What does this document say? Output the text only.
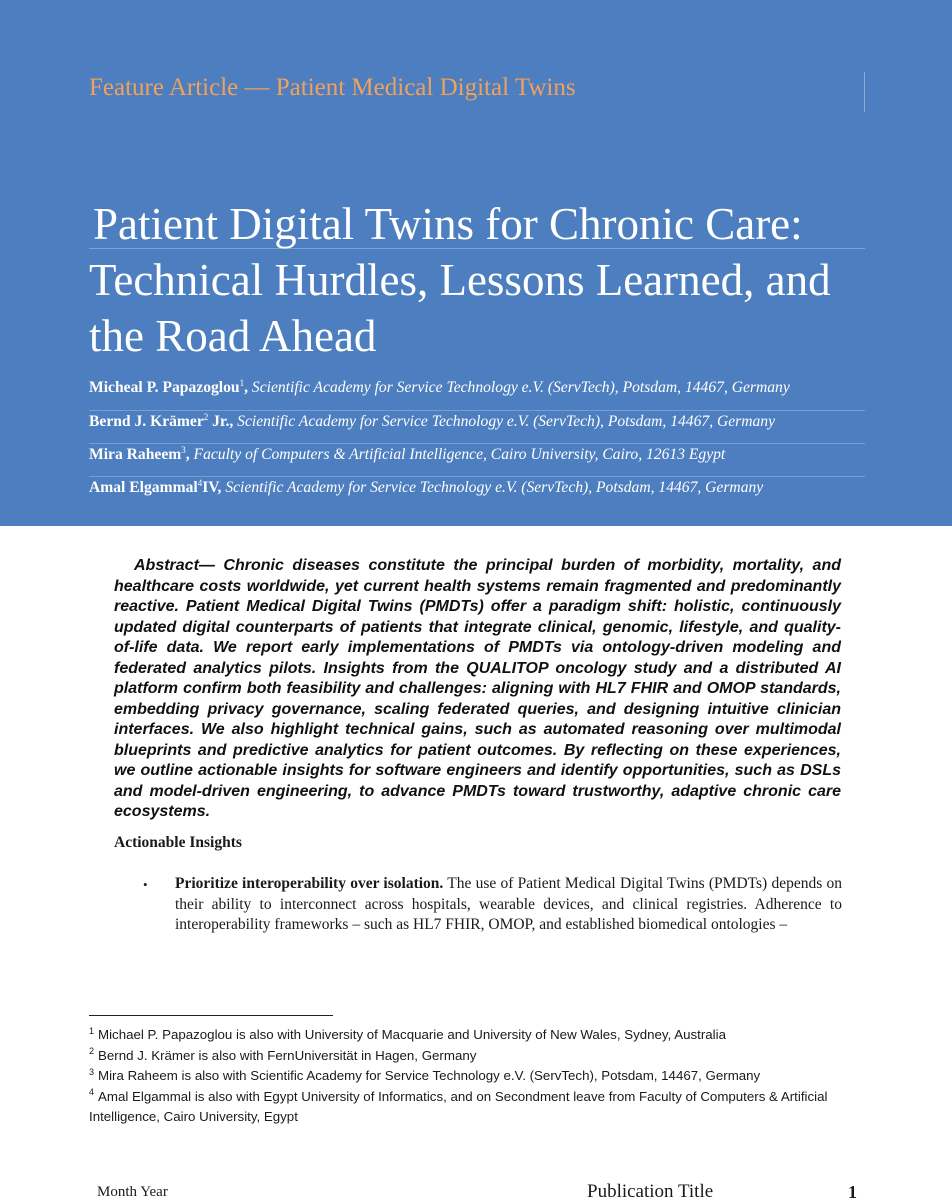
Feature Article — Patient Medical Digital Twins
Patient Digital Twins for Chronic Care:
Technical Hurdles, Lessons Learned, and
the Road Ahead
Micheal P. Papazoglou$^1$, Scientific Academy for Service Technology e.V. (ServTech), Potsdam, 14467, Germany
Bernd J. Krämer$^2$ Jr., Scientific Academy for Service Technology e.V. (ServTech), Potsdam, 14467, Germany
Mira Raheem$^3$, Faculty of Computers & Artificial Intelligence, Cairo University, Cairo, 12613 Egypt
Amal Elgammal$^4$IV, Scientific Academy for Service Technology e.V. (ServTech), Potsdam, 14467, Germany
Abstract— Chronic diseases constitute the principal burden of morbidity, mortality, and healthcare costs worldwide, yet current health systems remain fragmented and predominantly reactive. Patient Medical Digital Twins (PMDTs) offer a paradigm shift: holistic, continuously updated digital counterparts of patients that integrate clinical, genomic, lifestyle, and quality-of-life data. We report early implementations of PMDTs via ontology-driven modeling and federated analytics pilots. Insights from the QUALITOP oncology study and a distributed AI platform confirm both feasibility and challenges: aligning with HL7 FHIR and OMOP standards, embedding privacy governance, scaling federated queries, and designing intuitive clinician interfaces. We also highlight technical gains, such as automated reasoning over multimodal blueprints and predictive analytics for patient outcomes. By reflecting on these experiences, we outline actionable insights for software engineers and identify opportunities, such as DSLs and model-driven engineering, to advance PMDTs toward trustworthy, adaptive chronic care ecosystems.
Actionable Insights
• Prioritize interoperability over isolation. The use of Patient Medical Digital Twins (PMDTs) depends on their ability to interconnect across hospitals, wearable devices, and clinical registries. Adherence to interoperability frameworks – such as HL7 FHIR, OMOP, and established biomedical ontologies –
$^1$ Michael P. Papazoglou is also with University of Macquarie and University of New Wales, Sydney, Australia
$^2$ Bernd J. Krämer is also with FernUniversität in Hagen, Germany
$^3$ Mira Raheem is also with Scientific Academy for Service Technology e.V. (ServTech), Potsdam, 14467, Germany
$^4$ Amal Elgammal is also with Egypt University of Informatics, and on Secondment leave from Faculty of Computers & Artificial Intelligence, Cairo University, Egypt
Month Year	Publication Title	1
